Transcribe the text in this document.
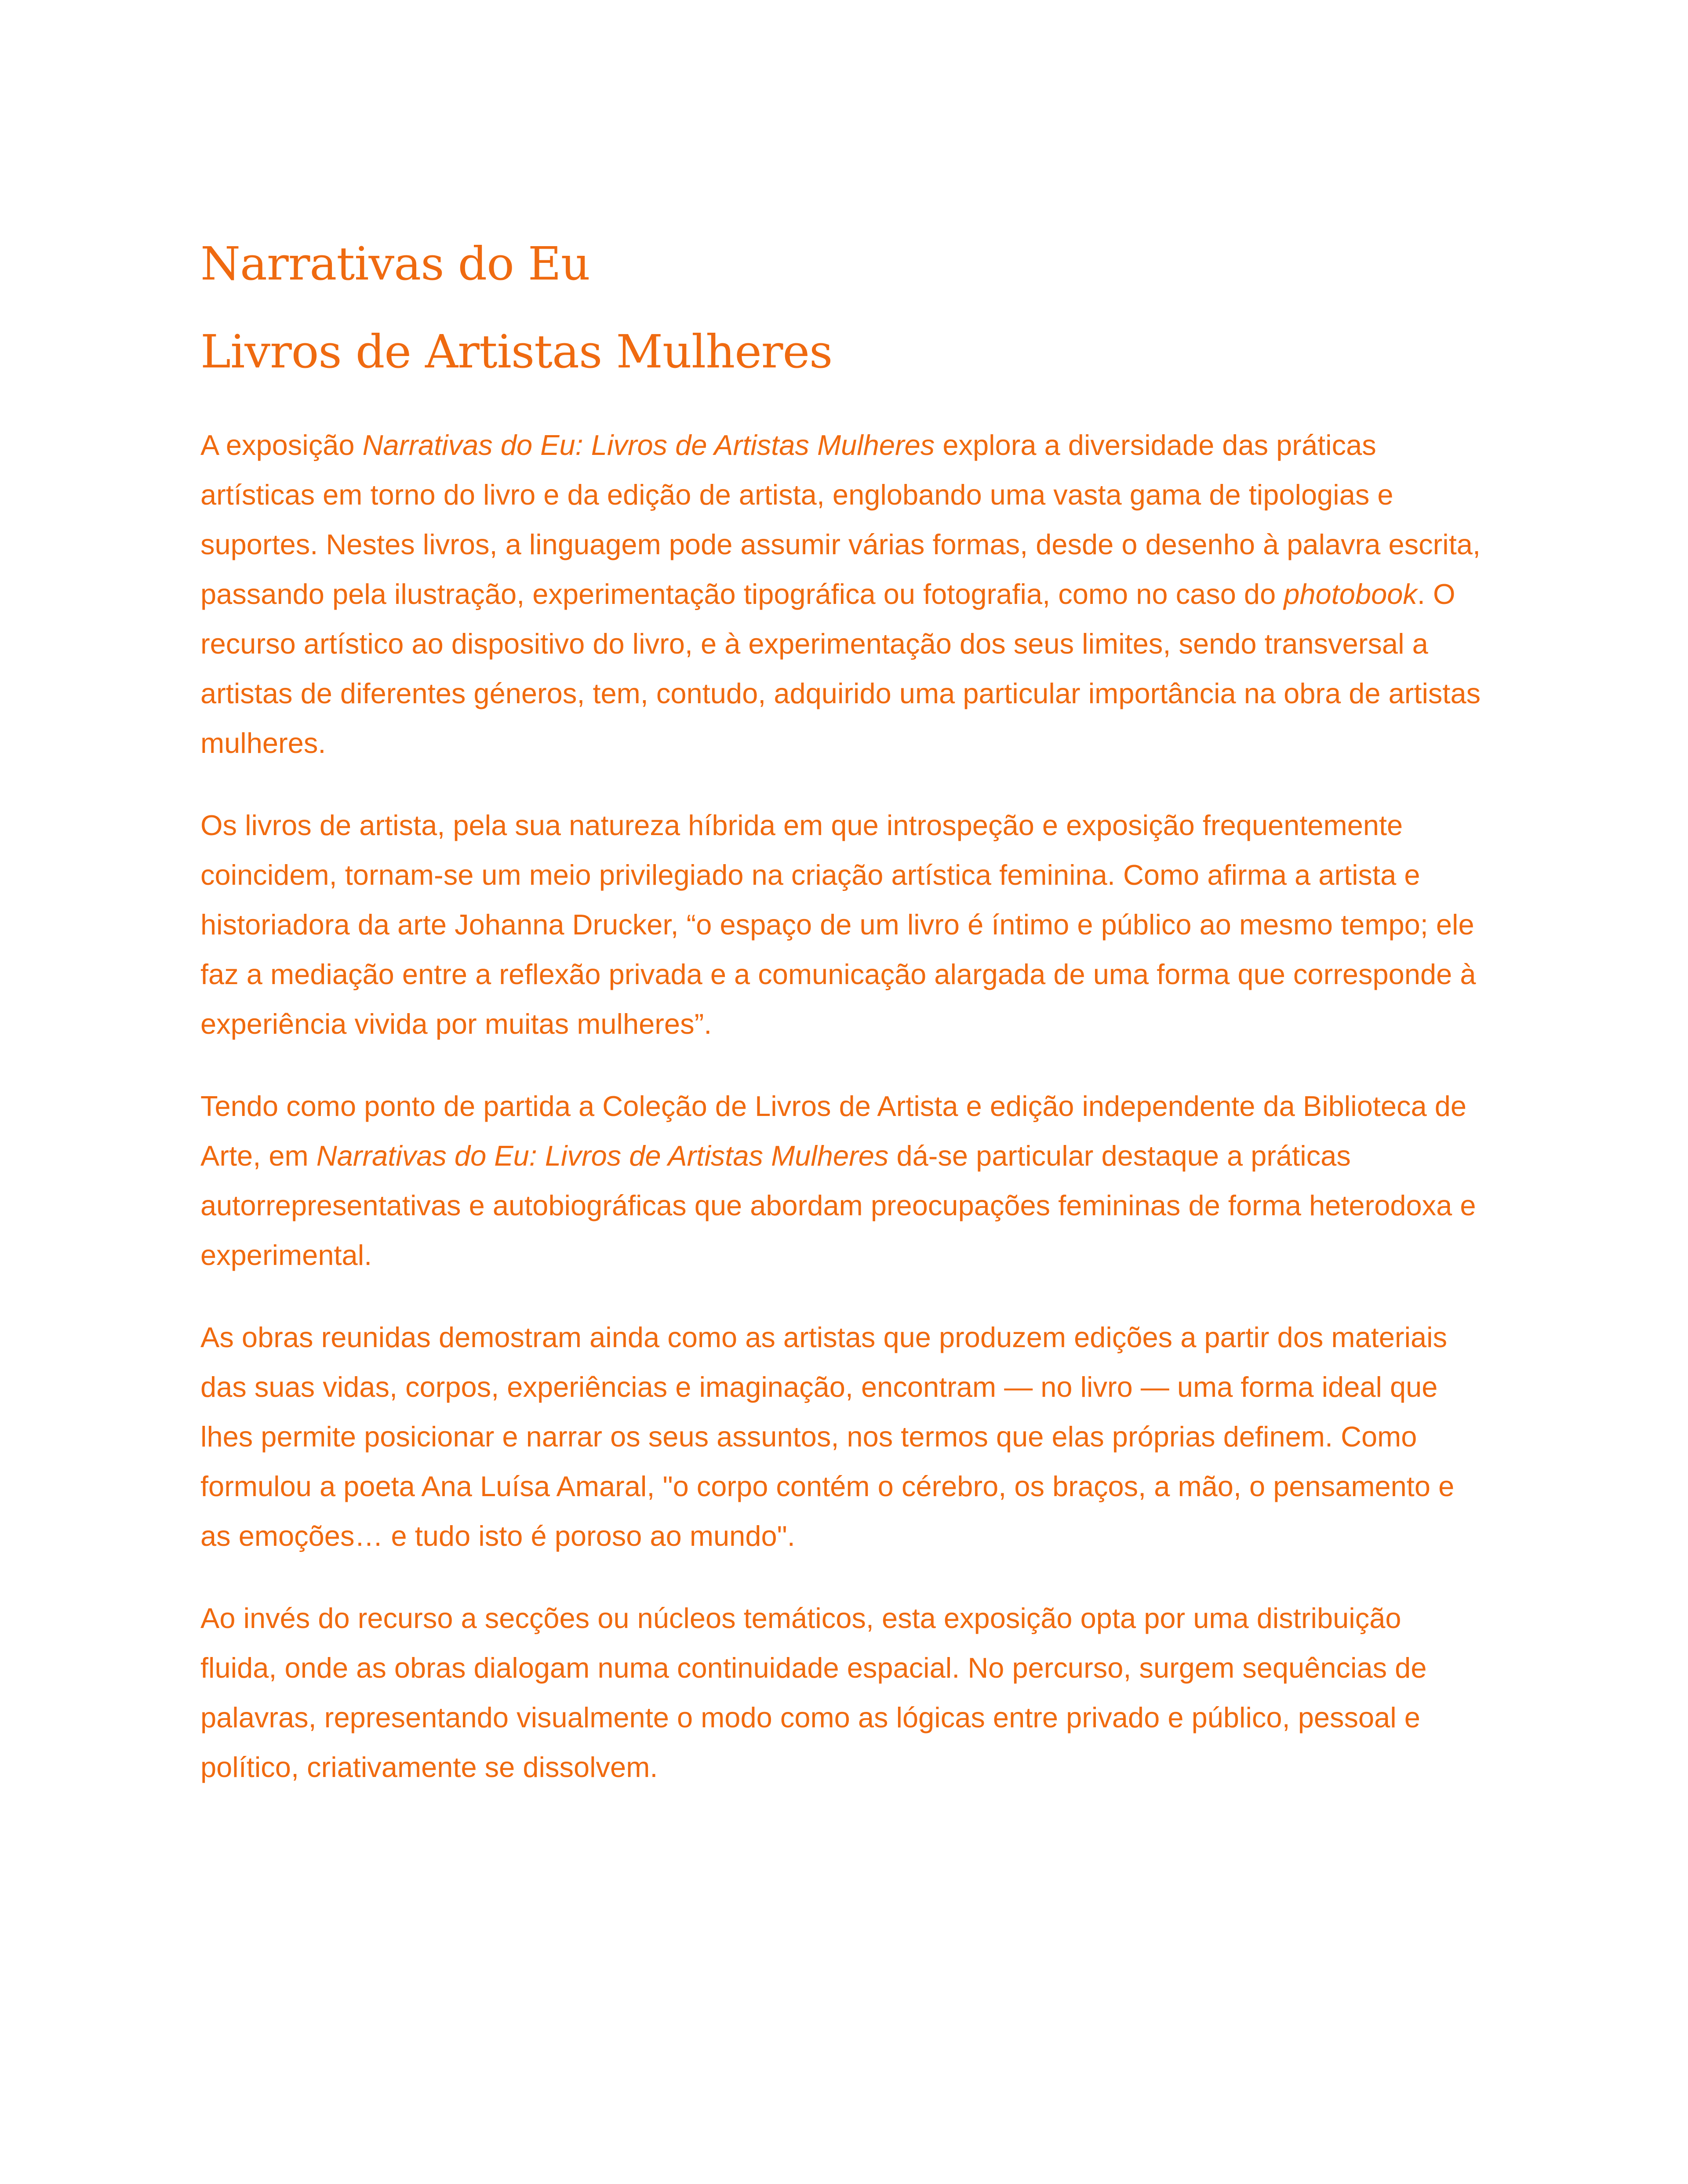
Narrativas do Eu
Livros de Artistas Mulheres

A exposição Narrativas do Eu: Livros de Artistas Mulheres explora a diversidade das práticas artísticas em torno do livro e da edição de artista, englobando uma vasta gama de tipologias e suportes. Nestes livros, a linguagem pode assumir várias formas, desde o desenho à palavra escrita, passando pela ilustração, experimentação tipográfica ou fotografia, como no caso do photobook. O recurso artístico ao dispositivo do livro, e à experimentação dos seus limites, sendo transversal a artistas de diferentes géneros, tem, contudo, adquirido uma particular importância na obra de artistas mulheres.

Os livros de artista, pela sua natureza híbrida em que introspeção e exposição frequentemente coincidem, tornam-se um meio privilegiado na criação artística feminina. Como afirma a artista e historiadora da arte Johanna Drucker, “o espaço de um livro é íntimo e público ao mesmo tempo; ele faz a mediação entre a reflexão privada e a comunicação alargada de uma forma que corresponde à experiência vivida por muitas mulheres”.

Tendo como ponto de partida a Coleção de Livros de Artista e edição independente da Biblioteca de Arte, em Narrativas do Eu: Livros de Artistas Mulheres dá-se particular destaque a práticas autorrepresentativas e autobiográficas que abordam preocupações femininas de forma heterodoxa e experimental.

As obras reunidas demostram ainda como as artistas que produzem edições a partir dos materiais das suas vidas, corpos, experiências e imaginação, encontram — no livro — uma forma ideal que lhes permite posicionar e narrar os seus assuntos, nos termos que elas próprias definem. Como formulou a poeta Ana Luísa Amaral, "o corpo contém o cérebro, os braços, a mão, o pensamento e as emoções… e tudo isto é poroso ao mundo".

Ao invés do recurso a secções ou núcleos temáticos, esta exposição opta por uma distribuição fluida, onde as obras dialogam numa continuidade espacial. No percurso, surgem sequências de palavras, representando visualmente o modo como as lógicas entre privado e público, pessoal e político, criativamente se dissolvem.
